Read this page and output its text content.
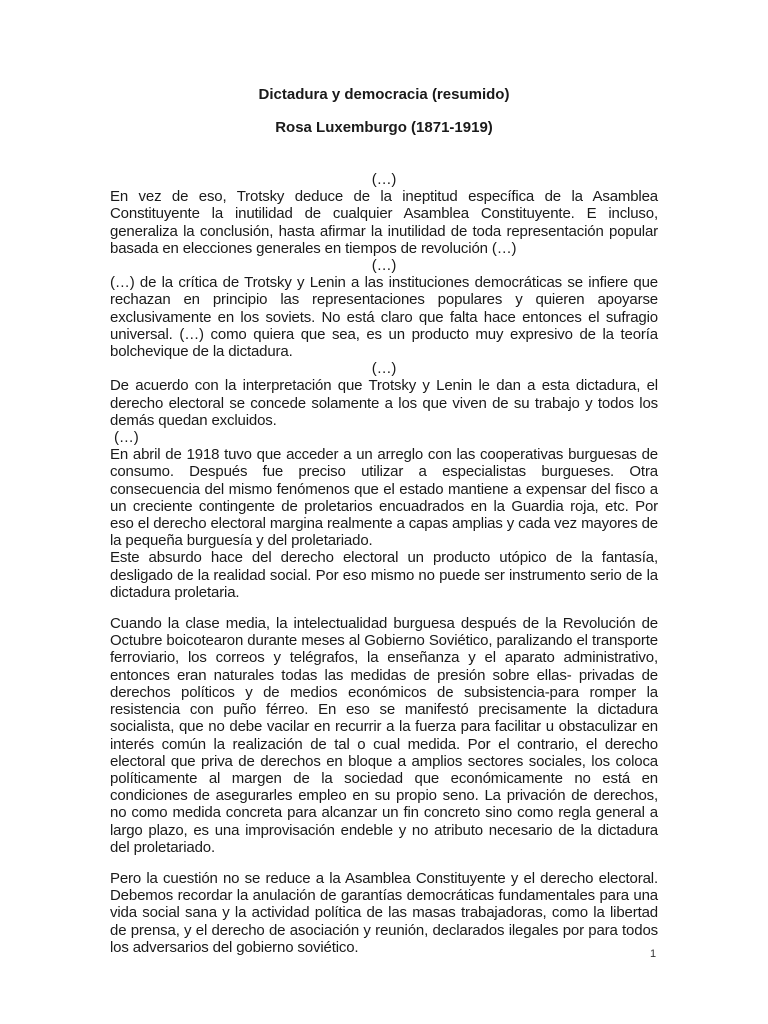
Dictadura y democracia (resumido)
Rosa Luxemburgo (1871-1919)

(…)

En vez de eso, Trotsky deduce de la ineptitud específica de la Asamblea Constituyente la inutilidad de cualquier Asamblea Constituyente. E incluso, generaliza la conclusión, hasta afirmar la inutilidad de toda representación popular basada en elecciones generales en tiempos de revolución (…)

(…)

(…) de la crítica de Trotsky y Lenin a las instituciones democráticas se infiere que rechazan en principio las representaciones populares y quieren apoyarse exclusivamente en los soviets. No está claro que falta hace entonces el sufragio universal. (…) como quiera que sea, es un producto muy expresivo de la teoría bolchevique de la dictadura.

(…)

De acuerdo con la interpretación que Trotsky y Lenin le dan a esta dictadura, el derecho electoral se concede solamente a los que viven de su trabajo y todos los demás quedan excluidos.

(…)

En abril de 1918 tuvo que acceder a un arreglo con las cooperativas burguesas de consumo. Después fue preciso utilizar a especialistas burgueses. Otra consecuencia del mismo fenómenos que el estado mantiene a expensar del fisco a un creciente contingente de proletarios encuadrados en la Guardia roja, etc. Por eso el derecho electoral margina realmente a capas amplias y cada vez mayores de la pequeña burguesía y del proletariado.

Este absurdo hace del derecho electoral un producto utópico de la fantasía, desligado de la realidad social. Por eso mismo no puede ser instrumento serio de la dictadura proletaria.

Cuando la clase media, la intelectualidad burguesa después de la Revolución de Octubre boicotearon durante meses al Gobierno Soviético, paralizando el transporte ferroviario, los correos y telégrafos, la enseñanza y el aparato administrativo, entonces eran naturales todas las medidas de presión sobre ellas- privadas de derechos políticos y de medios económicos de subsistencia-para romper la resistencia con puño férreo. En eso se manifestó precisamente la dictadura socialista, que no debe vacilar en recurrir a la fuerza para facilitar u obstaculizar en interés común la realización de tal o cual medida. Por el contrario, el derecho electoral que priva de derechos en bloque a amplios sectores sociales, los coloca políticamente al margen de la sociedad que económicamente no está en condiciones de asegurarles empleo en su propio seno. La privación de derechos, no como medida concreta para alcanzar un fin concreto sino como regla general a largo plazo, es una improvisación endeble y no atributo necesario de la dictadura del proletariado.

Pero la cuestión no se reduce a la Asamblea Constituyente y el derecho electoral. Debemos recordar la anulación de garantías democráticas fundamentales para una vida social sana y la actividad política de las masas trabajadoras, como la libertad de prensa, y el derecho de asociación y reunión, declarados ilegales por para todos los adversarios del gobierno soviético.	1
